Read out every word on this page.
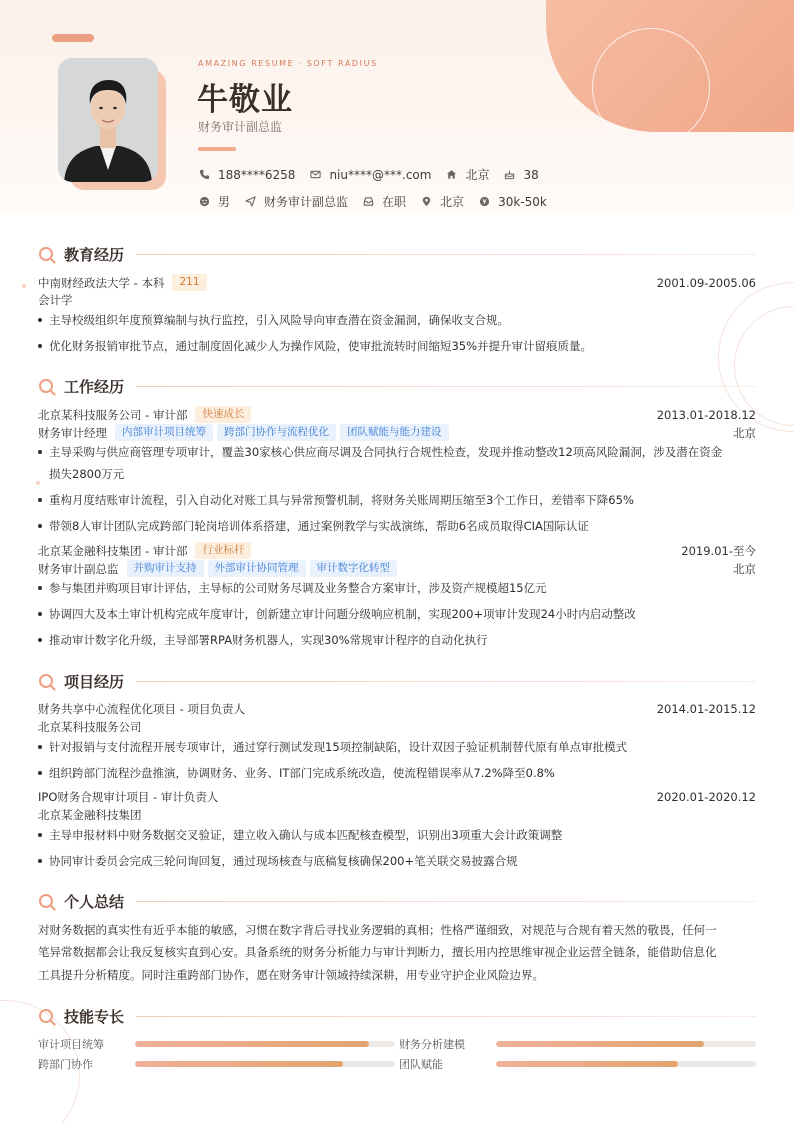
AMAZING RESUME · SOFT RADIUS
牛敬业
财务审计副总监
188****6258	niu****@***.com	北京	38
男	财务审计副总监	在职	北京	30k-50k
教育经历
中南财经政法大学 - 本科	211	2001.09-2005.06
会计学
主导校级组织年度预算编制与执行监控，引入风险导向审查潜在资金漏洞，确保收支合规。
优化财务报销审批节点，通过制度固化减少人为操作风险，使审批流转时间缩短35%并提升审计留痕质量。
工作经历
北京某科技服务公司 - 审计部	快速成长	2013.01-2018.12
财务审计经理	内部审计项目统筹	跨部门协作与流程优化	团队赋能与能力建设	北京
主导采购与供应商管理专项审计，覆盖30家核心供应商尽调及合同执行合规性检查，发现并推动整改12项高风险漏洞，涉及潜在资金
损失2800万元
重构月度结账审计流程，引入自动化对账工具与异常预警机制，将财务关账周期压缩至3个工作日，差错率下降65%
带领8人审计团队完成跨部门轮岗培训体系搭建，通过案例教学与实战演练，帮助6名成员取得CIA国际认证
北京某金融科技集团 - 审计部	行业标杆	2019.01-至今
财务审计副总监	并购审计支持	外部审计协同管理	审计数字化转型	北京
参与集团并购项目审计评估，主导标的公司财务尽调及业务整合方案审计，涉及资产规模超15亿元
协调四大及本土审计机构完成年度审计，创新建立审计问题分级响应机制，实现200+项审计发现24小时内启动整改
推动审计数字化升级，主导部署RPA财务机器人，实现30%常规审计程序的自动化执行
项目经历
财务共享中心流程优化项目 - 项目负责人	2014.01-2015.12
北京某科技服务公司
针对报销与支付流程开展专项审计，通过穿行测试发现15项控制缺陷，设计双因子验证机制替代原有单点审批模式
组织跨部门流程沙盘推演，协调财务、业务、IT部门完成系统改造，使流程错误率从7.2%降至0.8%
IPO财务合规审计项目 - 审计负责人	2020.01-2020.12
北京某金融科技集团
主导申报材料中财务数据交叉验证，建立收入确认与成本匹配核查模型，识别出3项重大会计政策调整
协同审计委员会完成三轮问询回复，通过现场核查与底稿复核确保200+笔关联交易披露合规
个人总结
对财务数据的真实性有近乎本能的敏感，习惯在数字背后寻找业务逻辑的真相；性格严谨细致，对规范与合规有着天然的敬畏，任何一
笔异常数据都会让我反复核实直到心安。具备系统的财务分析能力与审计判断力，擅长用内控思维审视企业运营全链条，能借助信息化
工具提升分析精度。同时注重跨部门协作，愿在财务审计领域持续深耕，用专业守护企业风险边界。
技能专长
审计项目统筹	财务分析建模
跨部门协作	团队赋能
